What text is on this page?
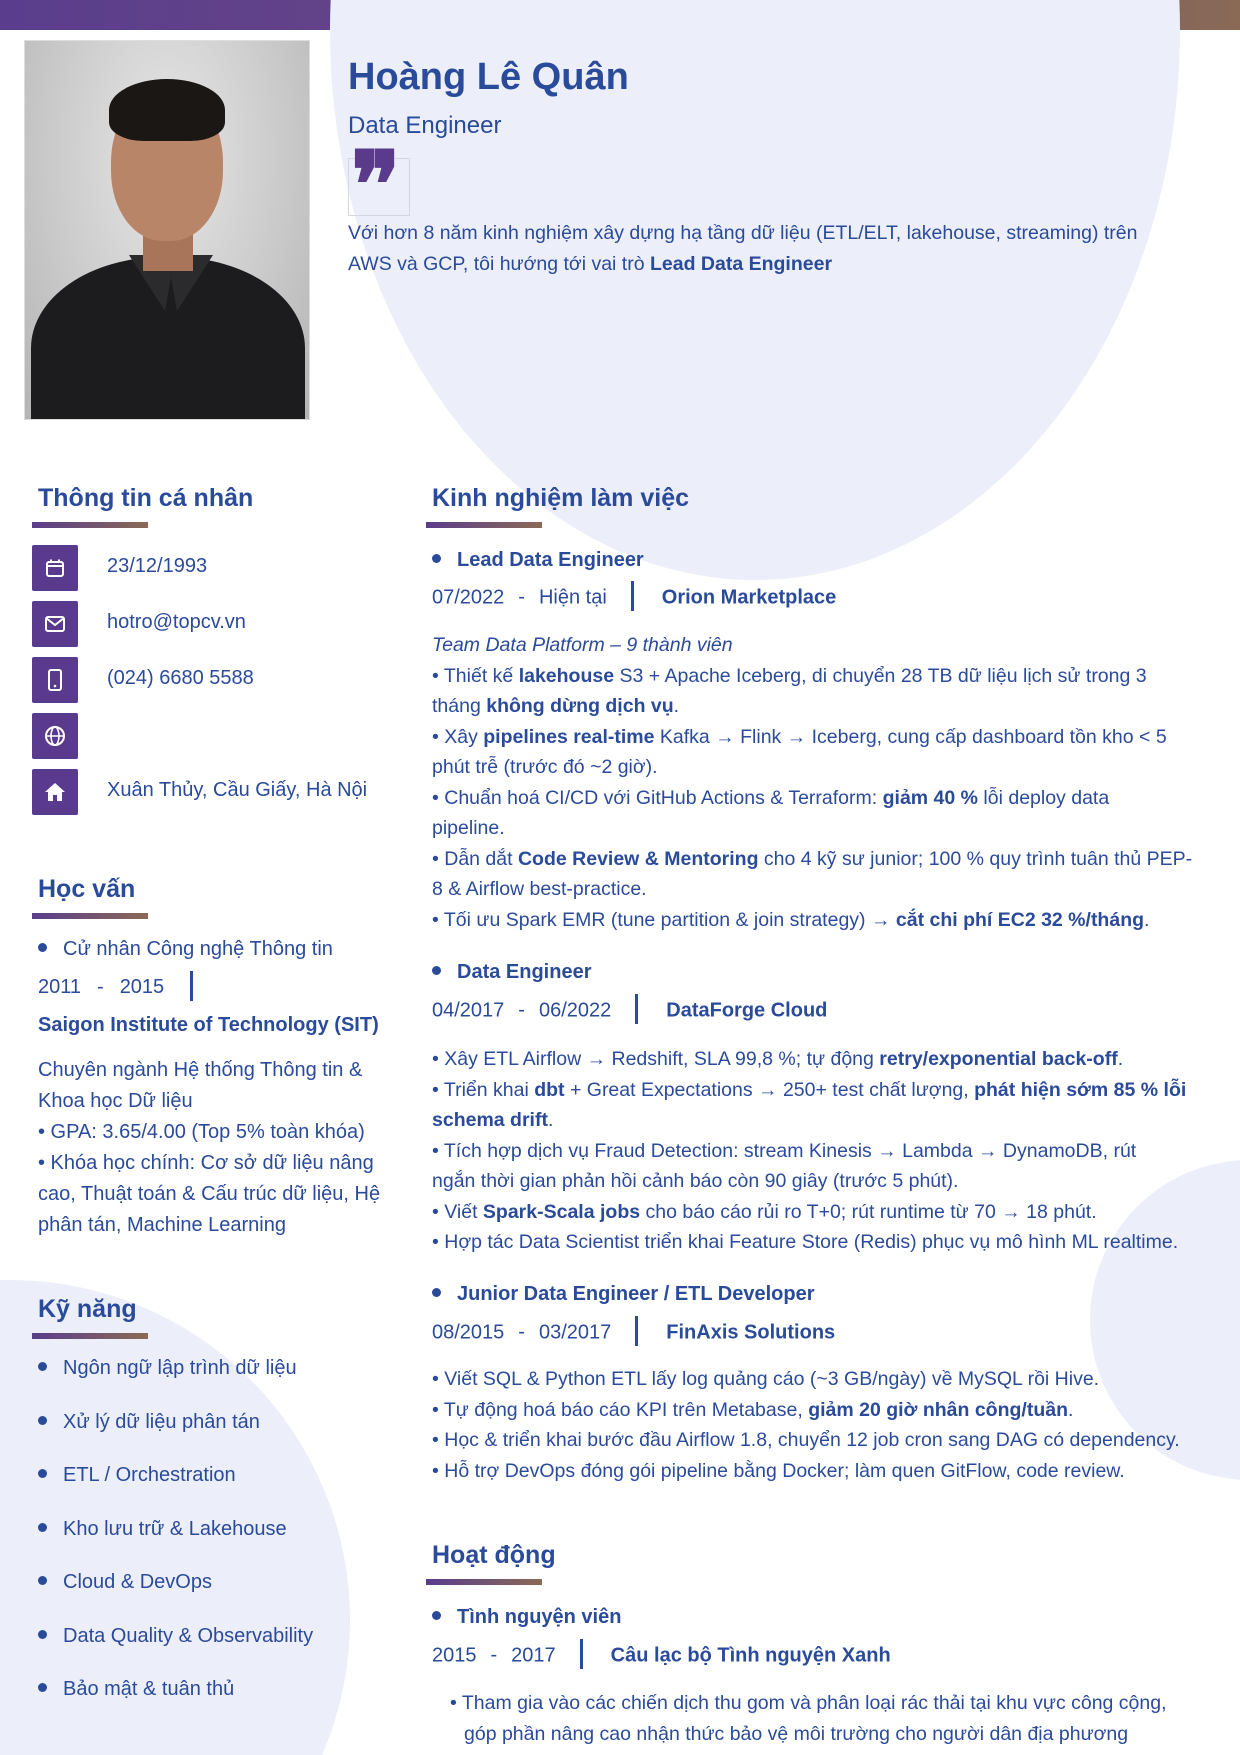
Hoàng Lê Quân
Data Engineer
❞
Với hơn 8 năm kinh nghiệm xây dựng hạ tầng dữ liệu (ETL/ELT, lakehouse, streaming) trên AWS và GCP, tôi hướng tới vai trò Lead Data Engineer
Thông tin cá nhân
23/12/1993
hotro@topcv.vn
(024) 6680 5588
Xuân Thủy, Cầu Giấy, Hà Nội
Học vấn
Cử nhân Công nghệ Thông tin
2011 - 2015
Saigon Institute of Technology (SIT)
Chuyên ngành Hệ thống Thông tin &
Khoa học Dữ liệu
• GPA: 3.65/4.00 (Top 5% toàn khóa)
• Khóa học chính: Cơ sở dữ liệu nâng
cao, Thuật toán & Cấu trúc dữ liệu, Hệ
phân tán, Machine Learning
Kỹ năng
Ngôn ngữ lập trình dữ liệu
Xử lý dữ liệu phân tán
ETL / Orchestration
Kho lưu trữ & Lakehouse
Cloud & DevOps
Data Quality & Observability
Bảo mật & tuân thủ
Kinh nghiệm làm việc
Lead Data Engineer
07/2022 - Hiện tại	Orion Marketplace
Team Data Platform – 9 thành viên
• Thiết kế lakehouse S3 + Apache Iceberg, di chuyển 28 TB dữ liệu lịch sử trong 3
tháng không dừng dịch vụ.
• Xây pipelines real-time Kafka → Flink → Iceberg, cung cấp dashboard tồn kho < 5
phút trễ (trước đó ~2 giờ).
• Chuẩn hoá CI/CD với GitHub Actions & Terraform: giảm 40 % lỗi deploy data
pipeline.
• Dẫn dắt Code Review & Mentoring cho 4 kỹ sư junior; 100 % quy trình tuân thủ PEP-
8 & Airflow best-practice.
• Tối ưu Spark EMR (tune partition & join strategy) → cắt chi phí EC2 32 %/tháng.
Data Engineer
04/2017 - 06/2022	DataForge Cloud
• Xây ETL Airflow → Redshift, SLA 99,8 %; tự động retry/exponential back-off.
• Triển khai dbt + Great Expectations → 250+ test chất lượng, phát hiện sớm 85 % lỗi
schema drift.
• Tích hợp dịch vụ Fraud Detection: stream Kinesis → Lambda → DynamoDB, rút
ngắn thời gian phản hồi cảnh báo còn 90 giây (trước 5 phút).
• Viết Spark-Scala jobs cho báo cáo rủi ro T+0; rút runtime từ 70 → 18 phút.
• Hợp tác Data Scientist triển khai Feature Store (Redis) phục vụ mô hình ML realtime.
Junior Data Engineer / ETL Developer
08/2015 - 03/2017	FinAxis Solutions
• Viết SQL & Python ETL lấy log quảng cáo (~3 GB/ngày) về MySQL rồi Hive.
• Tự động hoá báo cáo KPI trên Metabase, giảm 20 giờ nhân công/tuần.
• Học & triển khai bước đầu Airflow 1.8, chuyển 12 job cron sang DAG có dependency.
• Hỗ trợ DevOps đóng gói pipeline bằng Docker; làm quen GitFlow, code review.
Hoạt động
Tình nguyện viên
2015 - 2017	Câu lạc bộ Tình nguyện Xanh
• Tham gia vào các chiến dịch thu gom và phân loại rác thải tại khu vực công cộng,
góp phần nâng cao nhận thức bảo vệ môi trường cho người dân địa phương
